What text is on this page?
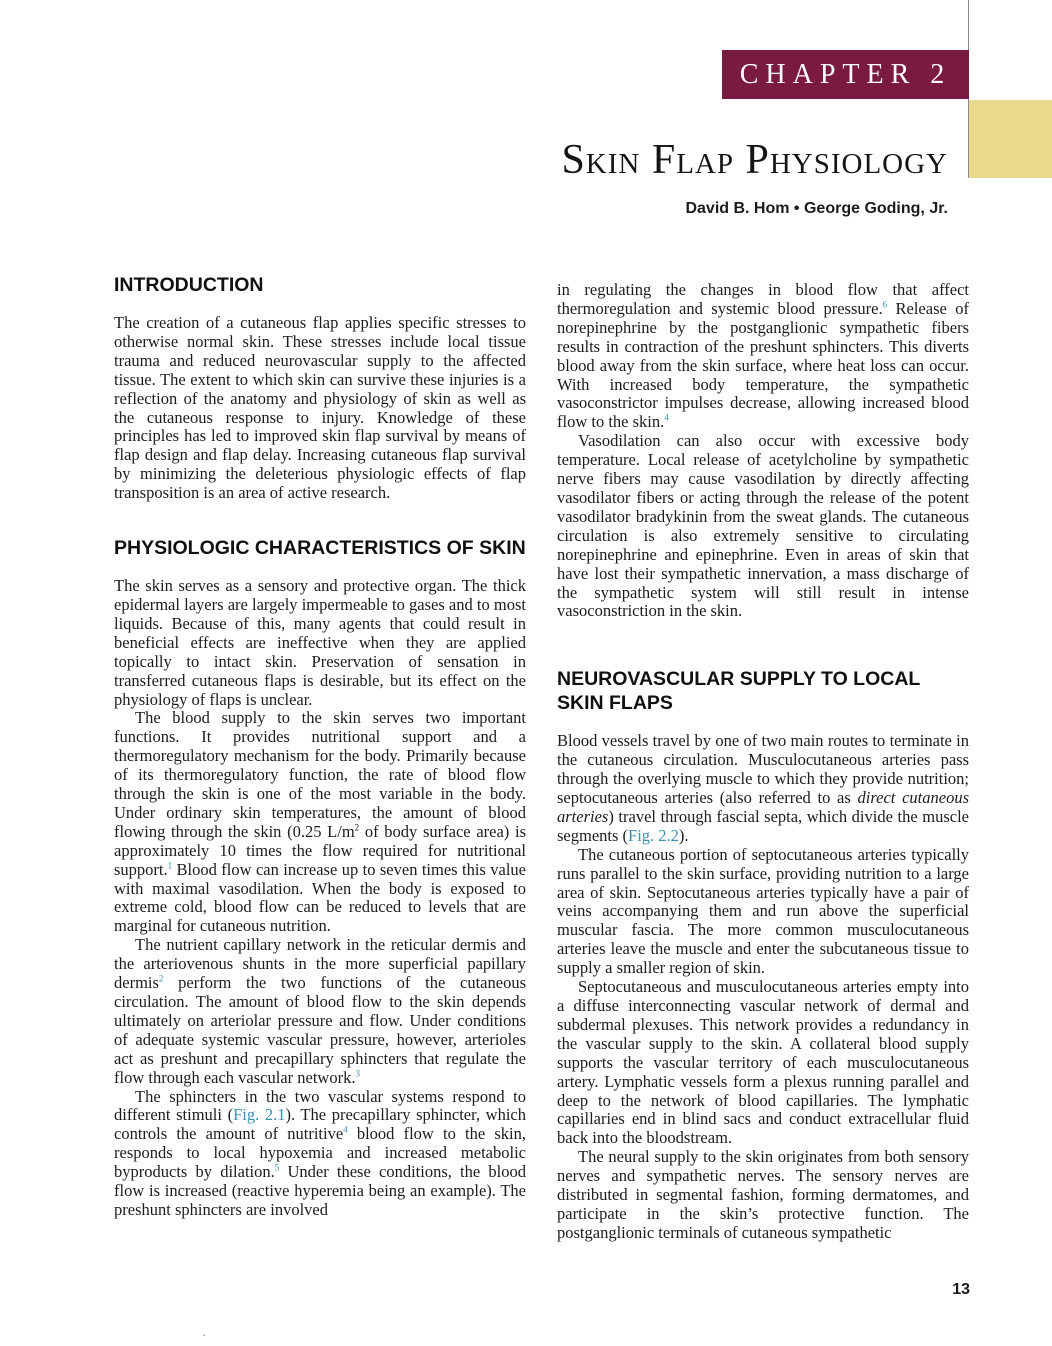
CHAPTER 2
Skin Flap Physiology
David B. Hom • George Goding, Jr.
INTRODUCTION

The creation of a cutaneous flap applies specific stresses to otherwise normal skin. These stresses include local tissue trauma and reduced neurovascular supply to the affected tissue. The extent to which skin can survive these injuries is a reflection of the anatomy and physiology of skin as well as the cutaneous response to injury. Knowledge of these principles has led to improved skin flap survival by means of flap design and flap delay. Increasing cutaneous flap survival by minimizing the deleterious physiologic effects of flap transposition is an area of active research.

PHYSIOLOGIC CHARACTERISTICS OF SKIN

The skin serves as a sensory and protective organ. The thick epidermal layers are largely impermeable to gases and to most liquids. Because of this, many agents that could result in beneficial effects are ineffective when they are applied topically to intact skin. Preservation of sensation in transferred cutaneous flaps is desirable, but its effect on the physiology of flaps is unclear.

The blood supply to the skin serves two important functions. It provides nutritional support and a thermoregulatory mechanism for the body. Primarily because of its thermoregulatory function, the rate of blood flow through the skin is one of the most variable in the body. Under ordinary skin temperatures, the amount of blood flowing through the skin (0.25 $L/m^2$ of body surface area) is approximately 10 times the flow required for nutritional support.$^1$ Blood flow can increase up to seven times this value with maximal vasodilation. When the body is exposed to extreme cold, blood flow can be reduced to levels that are marginal for cutaneous nutrition.

The nutrient capillary network in the reticular dermis and the arteriovenous shunts in the more superficial papillary dermis$^2$ perform the two functions of the cutaneous circulation. The amount of blood flow to the skin depends ultimately on arteriolar pressure and flow. Under conditions of adequate systemic vascular pressure, however, arterioles act as preshunt and precapillary sphincters that regulate the flow through each vascular network.$^3$

The sphincters in the two vascular systems respond to different stimuli (Fig. 2.1). The precapillary sphincter, which controls the amount of nutritive$^4$ blood flow to the skin, responds to local hypoxemia and increased metabolic byproducts by dilation.$^5$ Under these conditions, the blood flow is increased (reactive hyperemia being an example). The preshunt sphincters are involved

in regulating the changes in blood flow that affect thermoregulation and systemic blood pressure.$^6$ Release of norepinephrine by the postganglionic sympathetic fibers results in contraction of the preshunt sphincters. This diverts blood away from the skin surface, where heat loss can occur. With increased body temperature, the sympathetic vasoconstrictor impulses decrease, allowing increased blood flow to the skin.$^4$

Vasodilation can also occur with excessive body temperature. Local release of acetylcholine by sympathetic nerve fibers may cause vasodilation by directly affecting vasodilator fibers or acting through the release of the potent vasodilator bradykinin from the sweat glands. The cutaneous circulation is also extremely sensitive to circulating norepinephrine and epinephrine. Even in areas of skin that have lost their sympathetic innervation, a mass discharge of the sympathetic system will still result in intense vasoconstriction in the skin.

NEUROVASCULAR SUPPLY TO LOCAL
SKIN FLAPS

Blood vessels travel by one of two main routes to terminate in the cutaneous circulation. Musculocutaneous arteries pass through the overlying muscle to which they provide nutrition; septocutaneous arteries (also referred to as direct cutaneous arteries) travel through fascial septa, which divide the muscle segments (Fig. 2.2).

The cutaneous portion of septocutaneous arteries typically runs parallel to the skin surface, providing nutrition to a large area of skin. Septocutaneous arteries typically have a pair of veins accompanying them and run above the superficial muscular fascia. The more common musculocutaneous arteries leave the muscle and enter the subcutaneous tissue to supply a smaller region of skin.

Septocutaneous and musculocutaneous arteries empty into a diffuse interconnecting vascular network of dermal and subdermal plexuses. This network provides a redundancy in the vascular supply to the skin. A collateral blood supply supports the vascular territory of each musculocutaneous artery. Lymphatic vessels form a plexus running parallel and deep to the network of blood capillaries. The lymphatic capillaries end in blind sacs and conduct extracellular fluid back into the bloodstream.

The neural supply to the skin originates from both sensory nerves and sympathetic nerves. The sensory nerves are distributed in segmental fashion, forming dermatomes, and participate in the skin’s protective function. The postganglionic terminals of cutaneous sympathetic

13
.
